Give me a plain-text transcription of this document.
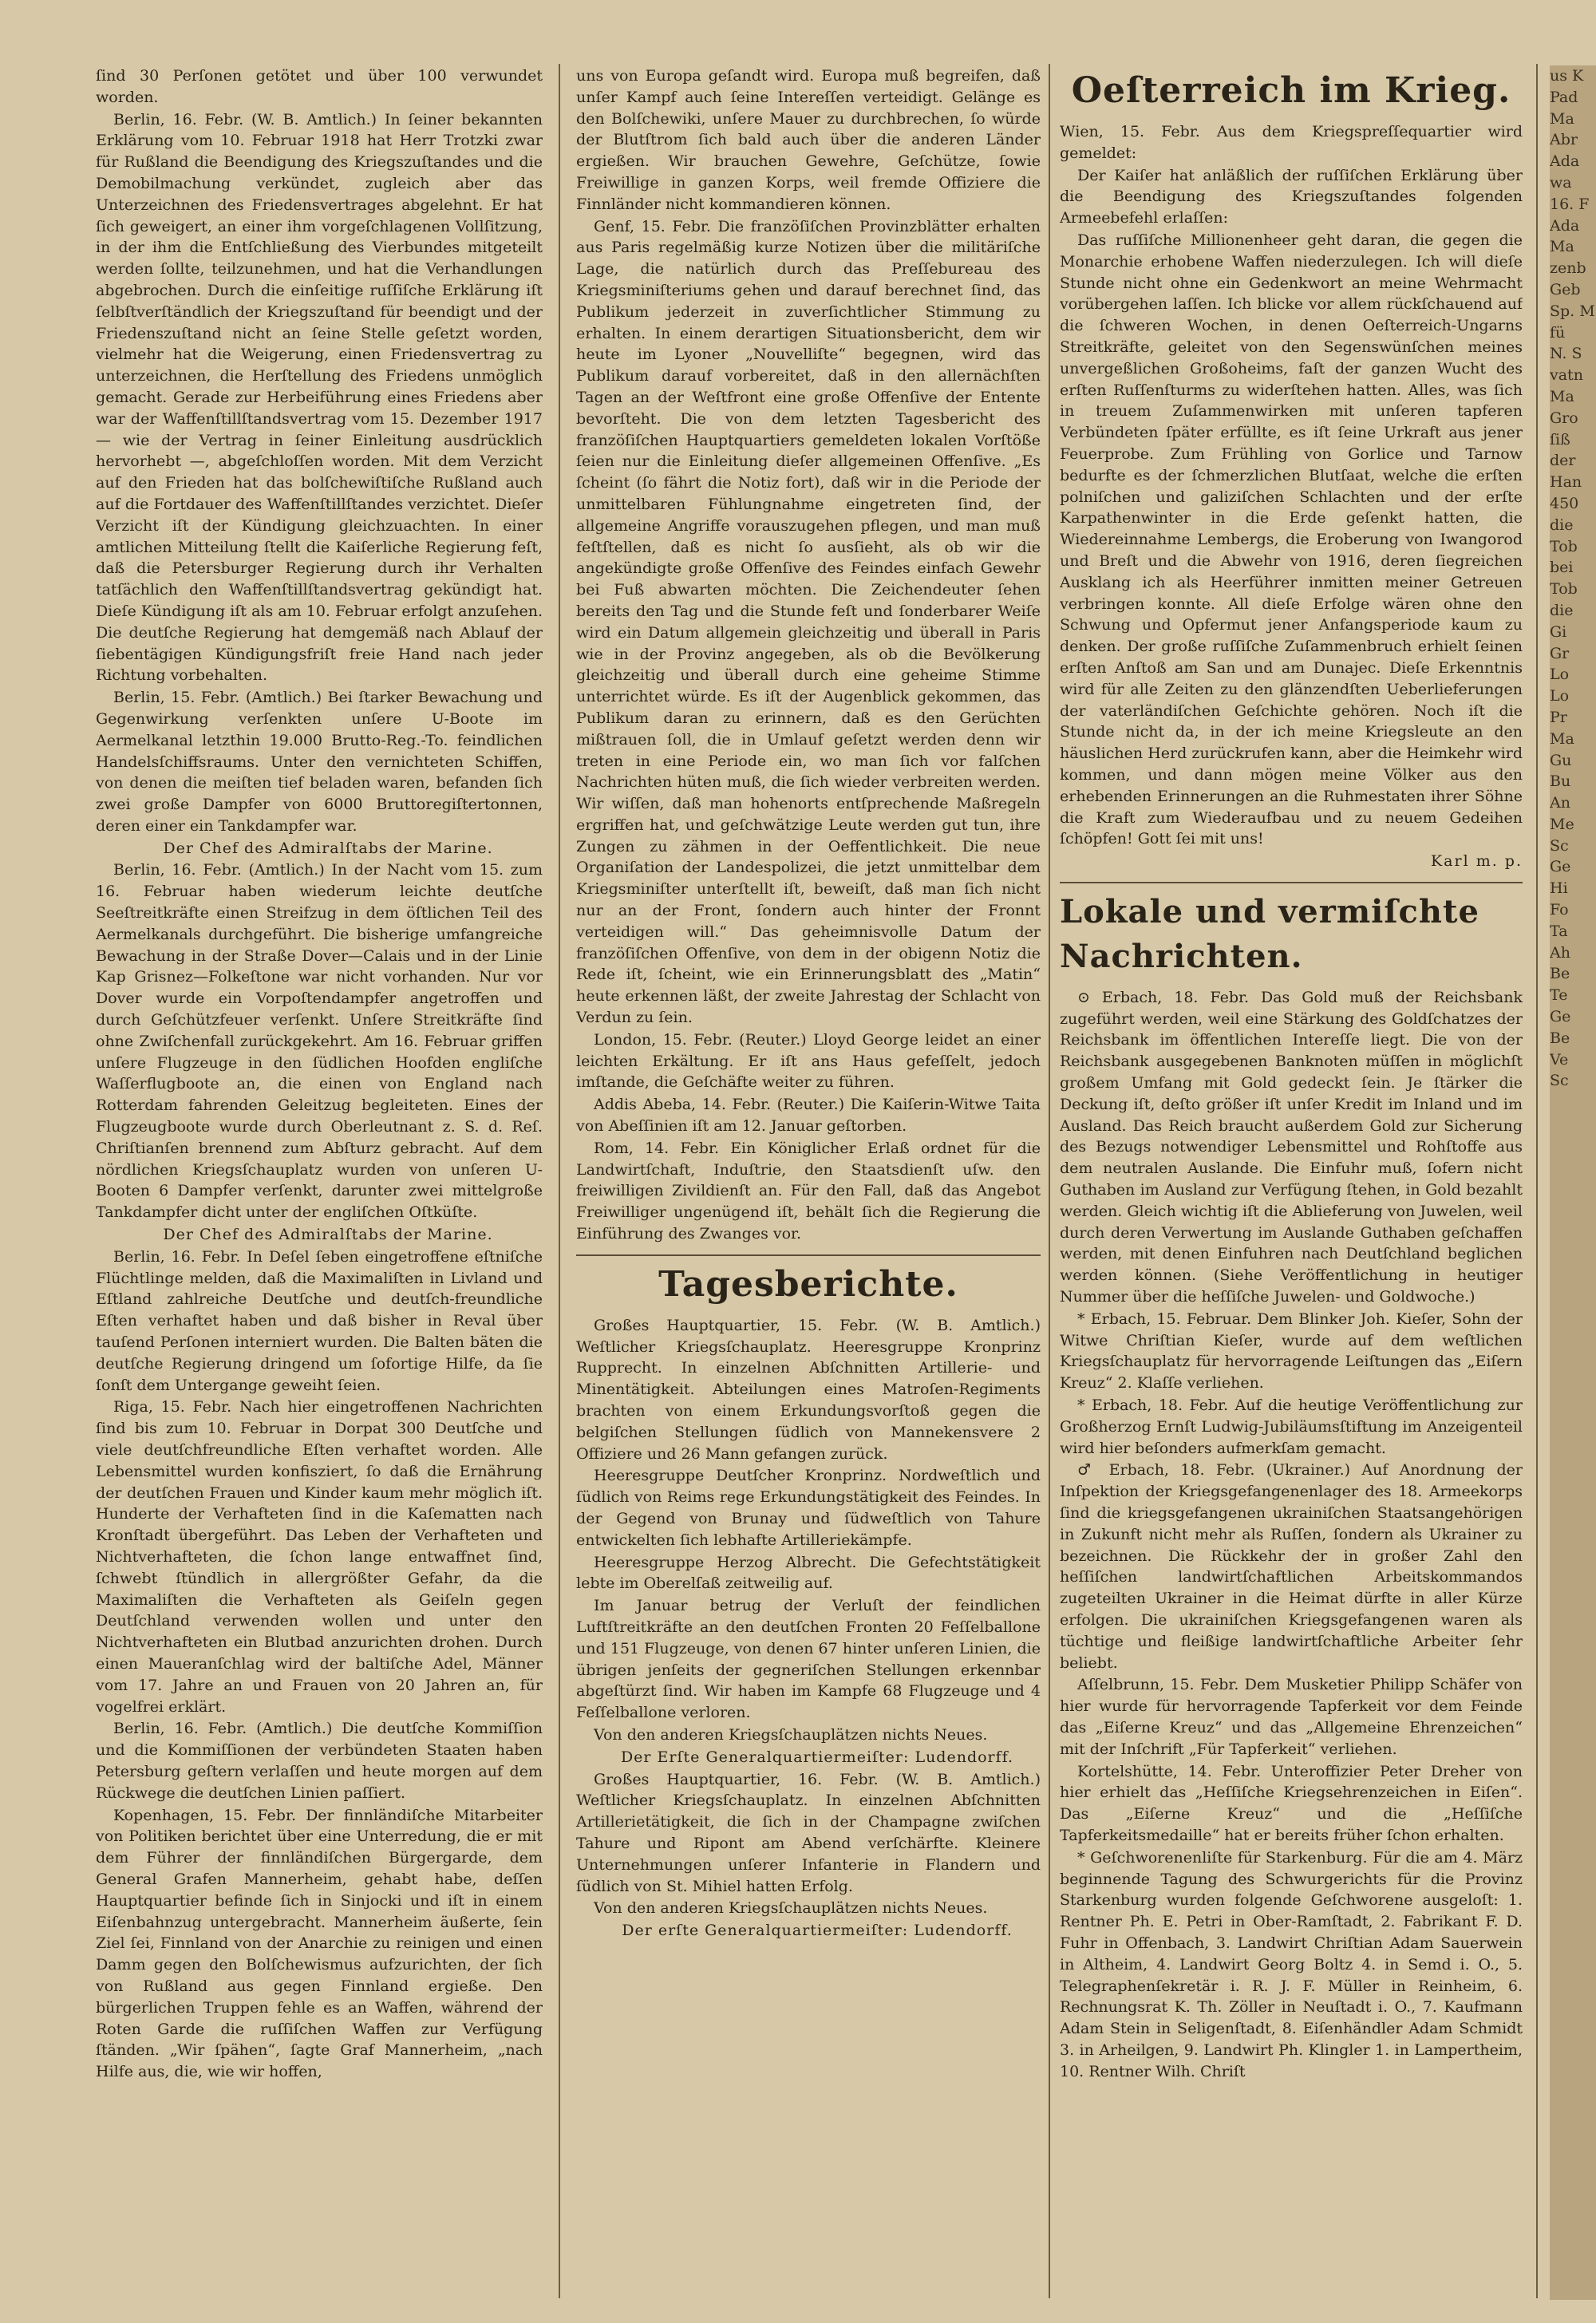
ſind 30 Perſonen getötet und über 100 verwundet worden.

Berlin, 16. Febr. (W. B. Amtlich.) In ſeiner bekannten Erklärung vom 10. Februar 1918 hat Herr Trotzki zwar für Rußland die Beendigung des Kriegszuſtandes und die Demobilmachung verkündet, zugleich aber das Unterzeichnen des Friedensvertrages abgelehnt. Er hat ſich geweigert, an einer ihm vorgeſchlagenen Vollſitzung, in der ihm die Entſchließung des Vierbundes mitgeteilt werden ſollte, teilzunehmen, und hat die Verhandlungen abgebrochen. Durch die einſeitige ruſſiſche Erklärung iſt ſelbſtverſtändlich der Kriegszuſtand für beendigt und der Friedenszuſtand nicht an ſeine Stelle geſetzt worden, vielmehr hat die Weigerung, einen Friedensvertrag zu unterzeichnen, die Herſtellung des Friedens unmöglich gemacht. Gerade zur Herbeiführung eines Friedens aber war der Waffenſtillſtandsvertrag vom 15. Dezember 1917 — wie der Vertrag in ſeiner Einleitung ausdrücklich hervorhebt —, abgeſchloſſen worden. Mit dem Verzicht auf den Frieden hat das bolſchewiſtiſche Rußland auch auf die Fortdauer des Waffenſtillſtandes verzichtet. Dieſer Verzicht iſt der Kündigung gleichzuachten. In einer amtlichen Mitteilung ſtellt die Kaiſerliche Regierung feſt, daß die Petersburger Regierung durch ihr Verhalten tatſächlich den Waffenſtillſtandsvertrag gekündigt hat. Dieſe Kündigung iſt als am 10. Februar erfolgt anzuſehen. Die deutſche Regierung hat demgemäß nach Ablauf der ſiebentägigen Kündigungsfriſt freie Hand nach jeder Richtung vorbehalten.

Berlin, 15. Febr. (Amtlich.) Bei ſtarker Bewachung und Gegenwirkung verſenkten unſere U-Boote im Aermelkanal letzthin 19.000 Brutto-Reg.-To. feindlichen Handelsſchiffsraums. Unter den vernichteten Schiffen, von denen die meiſten tief beladen waren, befanden ſich zwei große Dampfer von 6000 Bruttoregiſtertonnen, deren einer ein Tankdampfer war.

Der Chef des Admiralſtabs der Marine.

Berlin, 16. Febr. (Amtlich.) In der Nacht vom 15. zum 16. Februar haben wiederum leichte deutſche Seeſtreitkräfte einen Streifzug in dem öſtlichen Teil des Aermelkanals durchgeführt. Die bisherige umfangreiche Bewachung in der Straße Dover—Calais und in der Linie Kap Grisnez—Folkeſtone war nicht vorhanden. Nur vor Dover wurde ein Vorpoſtendampfer angetroffen und durch Geſchützfeuer verſenkt. Unſere Streitkräfte ſind ohne Zwiſchenfall zurückgekehrt. Am 16. Februar griffen unſere Flugzeuge in den ſüdlichen Hoofden engliſche Waſſerflugboote an, die einen von England nach Rotterdam fahrenden Geleitzug begleiteten. Eines der Flugzeugboote wurde durch Oberleutnant z. S. d. Reſ. Chriſtianſen brennend zum Abſturz gebracht. Auf dem nördlichen Kriegsſchauplatz wurden von unſeren U-Booten 6 Dampfer verſenkt, darunter zwei mittelgroße Tankdampfer dicht unter der engliſchen Oſtküſte.

Der Chef des Admiralſtabs der Marine.

Berlin, 16. Febr. In Deſel ſeben eingetroffene eſtniſche Flüchtlinge melden, daß die Maximaliſten in Livland und Eſtland zahlreiche Deutſche und deutſch-freundliche Eſten verhaftet haben und daß bisher in Reval über tauſend Perſonen interniert wurden. Die Balten bäten die deutſche Regierung dringend um ſofortige Hilfe, da ſie ſonſt dem Untergange geweiht ſeien.

Riga, 15. Febr. Nach hier eingetroffenen Nachrichten ſind bis zum 10. Februar in Dorpat 300 Deutſche und viele deutſchfreundliche Eſten verhaftet worden. Alle Lebensmittel wurden konfisziert, ſo daß die Ernährung der deutſchen Frauen und Kinder kaum mehr möglich iſt. Hunderte der Verhafteten ſind in die Kaſematten nach Kronſtadt übergeführt. Das Leben der Verhafteten und Nichtverhafteten, die ſchon lange entwaffnet ſind, ſchwebt ſtündlich in allergrößter Gefahr, da die Maximaliſten die Verhafteten als Geiſeln gegen Deutſchland verwenden wollen und unter den Nichtverhafteten ein Blutbad anzurichten drohen. Durch einen Maueranſchlag wird der baltiſche Adel, Männer vom 17. Jahre an und Frauen von 20 Jahren an, für vogelfrei erklärt.

Berlin, 16. Febr. (Amtlich.) Die deutſche Kommiſſion und die Kommiſſionen der verbündeten Staaten haben Petersburg geſtern verlaſſen und heute morgen auf dem Rückwege die deutſchen Linien paſſiert.

Kopenhagen, 15. Febr. Der finnländiſche Mitarbeiter von Politiken berichtet über eine Unterredung, die er mit dem Führer der finnländiſchen Bürgergarde, dem General Grafen Mannerheim, gehabt habe, deſſen Hauptquartier befinde ſich in Sinjocki und iſt in einem Eiſenbahnzug untergebracht. Mannerheim äußerte, ſein Ziel ſei, Finnland von der Anarchie zu reinigen und einen Damm gegen den Bolſchewismus aufzurichten, der ſich von Rußland aus gegen Finnland ergieße. Den bürgerlichen Truppen fehle es an Waffen, während der Roten Garde die ruſſiſchen Waffen zur Verfügung ſtänden. „Wir ſpähen“, ſagte Graf Mannerheim, „nach Hilfe aus, die, wie wir hoffen,

uns von Europa geſandt wird. Europa muß begreifen, daß unſer Kampf auch ſeine Intereſſen verteidigt. Gelänge es den Bolſchewiki, unſere Mauer zu durchbrechen, ſo würde der Blutſtrom ſich bald auch über die anderen Länder ergießen. Wir brauchen Gewehre, Geſchütze, ſowie Freiwillige in ganzen Korps, weil fremde Offiziere die Finnländer nicht kommandieren können.

Genf, 15. Febr. Die franzöſiſchen Provinzblätter erhalten aus Paris regelmäßig kurze Notizen über die militäriſche Lage, die natürlich durch das Preſſebureau des Kriegsminiſteriums gehen und darauf berechnet ſind, das Publikum jederzeit in zuverſichtlicher Stimmung zu erhalten. In einem derartigen Situationsbericht, dem wir heute im Lyoner „Nouvelliſte“ begegnen, wird das Publikum darauf vorbereitet, daß in den allernächſten Tagen an der Weſtfront eine große Offenſive der Entente bevorſteht. Die von dem letzten Tagesbericht des franzöſiſchen Hauptquartiers gemeldeten lokalen Vorſtöße ſeien nur die Einleitung dieſer allgemeinen Offenſive. „Es ſcheint (ſo fährt die Notiz fort), daß wir in die Periode der unmittelbaren Fühlungnahme eingetreten ſind, der allgemeine Angriffe vorauszugehen pflegen, und man muß feſtſtellen, daß es nicht ſo ausſieht, als ob wir die angekündigte große Offenſive des Feindes einfach Gewehr bei Fuß abwarten möchten. Die Zeichendeuter ſehen bereits den Tag und die Stunde feſt und ſonderbarer Weiſe wird ein Datum allgemein gleichzeitig und überall in Paris wie in der Provinz angegeben, als ob die Bevölkerung gleichzeitig und überall durch eine geheime Stimme unterrichtet würde. Es iſt der Augenblick gekommen, das Publikum daran zu erinnern, daß es den Gerüchten mißtrauen ſoll, die in Umlauf geſetzt werden denn wir treten in eine Periode ein, wo man ſich vor falſchen Nachrichten hüten muß, die ſich wieder verbreiten werden. Wir wiſſen, daß man hohenorts entſprechende Maßregeln ergriffen hat, und geſchwätzige Leute werden gut tun, ihre Zungen zu zähmen in der Oeffentlichkeit. Die neue Organiſation der Landespolizei, die jetzt unmittelbar dem Kriegsminiſter unterſtellt iſt, beweiſt, daß man ſich nicht nur an der Front, ſondern auch hinter der Fronnt verteidigen will.“ Das geheimnisvolle Datum der franzöſiſchen Offenſive, von dem in der obigenn Notiz die Rede iſt, ſcheint, wie ein Erinnerungsblatt des „Matin“ heute erkennen läßt, der zweite Jahrestag der Schlacht von Verdun zu ſein.

London, 15. Febr. (Reuter.) Lloyd George leidet an einer leichten Erkältung. Er iſt ans Haus gefeſſelt, jedoch imſtande, die Geſchäfte weiter zu führen.

Addis Abeba, 14. Febr. (Reuter.) Die Kaiſerin-Witwe Taita von Abeſſinien iſt am 12. Januar geſtorben.

Rom, 14. Febr. Ein Königlicher Erlaß ordnet für die Landwirtſchaft, Induſtrie, den Staatsdienſt uſw. den freiwilligen Zivildienſt an. Für den Fall, daß das Angebot Freiwilliger ungenügend iſt, behält ſich die Regierung die Einführung des Zwanges vor.

Tagesberichte.

Großes Hauptquartier, 15. Febr. (W. B. Amtlich.) Weſtlicher Kriegsſchauplatz. Heeresgruppe Kronprinz Rupprecht. In einzelnen Abſchnitten Artillerie- und Minentätigkeit. Abteilungen eines Matroſen-Regiments brachten von einem Erkundungsvorſtoß gegen die belgiſchen Stellungen ſüdlich von Mannekensvere 2 Offiziere und 26 Mann gefangen zurück.

Heeresgruppe Deutſcher Kronprinz. Nordweſtlich und ſüdlich von Reims rege Erkundungstätigkeit des Feindes. In der Gegend von Brunay und ſüdweſtlich von Tahure entwickelten ſich lebhafte Artilleriekämpfe.

Heeresgruppe Herzog Albrecht. Die Gefechtstätigkeit lebte im Oberelſaß zeitweilig auf.

Im Januar betrug der Verluſt der feindlichen Luftſtreitkräfte an den deutſchen Fronten 20 Feſſelballone und 151 Flugzeuge, von denen 67 hinter unſeren Linien, die übrigen jenſeits der gegneriſchen Stellungen erkennbar abgeſtürzt ſind. Wir haben im Kampfe 68 Flugzeuge und 4 Feſſelballone verloren.

Von den anderen Kriegsſchauplätzen nichts Neues.

Der Erſte Generalquartiermeiſter: Ludendorff.

Großes Hauptquartier, 16. Febr. (W. B. Amtlich.) Weſtlicher Kriegsſchauplatz. In einzelnen Abſchnitten Artillerietätigkeit, die ſich in der Champagne zwiſchen Tahure und Ripont am Abend verſchärfte. Kleinere Unternehmungen unſerer Infanterie in Flandern und ſüdlich von St. Mihiel hatten Erfolg.

Von den anderen Kriegsſchauplätzen nichts Neues.

Der erſte Generalquartiermeiſter: Ludendorff.

Oeſterreich im Krieg.

Wien, 15. Febr. Aus dem Kriegspreſſequartier wird gemeldet:

Der Kaiſer hat anläßlich der ruſſiſchen Erklärung über die Beendigung des Kriegszuſtandes folgenden Armeebefehl erlaſſen:

Das ruſſiſche Millionenheer geht daran, die gegen die Monarchie erhobene Waffen niederzulegen. Ich will dieſe Stunde nicht ohne ein Gedenkwort an meine Wehrmacht vorübergehen laſſen. Ich blicke vor allem rückſchauend auf die ſchweren Wochen, in denen Oeſterreich-Ungarns Streitkräfte, geleitet von den Segenswünſchen meines unvergeßlichen Großoheims, faſt der ganzen Wucht des erſten Ruſſenſturms zu widerſtehen hatten. Alles, was ſich in treuem Zuſammenwirken mit unſeren tapferen Verbündeten ſpäter erfüllte, es iſt ſeine Urkraft aus jener Feuerprobe. Zum Frühling von Gorlice und Tarnow bedurfte es der ſchmerzlichen Blutſaat, welche die erſten polniſchen und galiziſchen Schlachten und der erſte Karpathenwinter in die Erde geſenkt hatten, die Wiedereinnahme Lembergs, die Eroberung von Iwangorod und Breſt und die Abwehr von 1916, deren ſiegreichen Ausklang ich als Heerführer inmitten meiner Getreuen verbringen konnte. All dieſe Erfolge wären ohne den Schwung und Opfermut jener Anfangsperiode kaum zu denken. Der große ruſſiſche Zuſammenbruch erhielt ſeinen erſten Anſtoß am San und am Dunajec. Dieſe Erkenntnis wird für alle Zeiten zu den glänzendſten Ueberlieferungen der vaterländiſchen Geſchichte gehören. Noch iſt die Stunde nicht da, in der ich meine Kriegsleute an den häuslichen Herd zurückrufen kann, aber die Heimkehr wird kommen, und dann mögen meine Völker aus den erhebenden Erinnerungen an die Ruhmestaten ihrer Söhne die Kraft zum Wiederaufbau und zu neuem Gedeihen ſchöpfen! Gott ſei mit uns!

Karl m. p.

Lokale und vermiſchte Nachrichten.

⊙ Erbach, 18. Febr. Das Gold muß der Reichsbank zugeführt werden, weil eine Stärkung des Goldſchatzes der Reichsbank im öffentlichen Intereſſe liegt. Die von der Reichsbank ausgegebenen Banknoten müſſen in möglichſt großem Umfang mit Gold gedeckt ſein. Je ſtärker die Deckung iſt, deſto größer iſt unſer Kredit im Inland und im Ausland. Das Reich braucht außerdem Gold zur Sicherung des Bezugs notwendiger Lebensmittel und Rohſtoffe aus dem neutralen Auslande. Die Einfuhr muß, ſofern nicht Guthaben im Ausland zur Verfügung ſtehen, in Gold bezahlt werden. Gleich wichtig iſt die Ablieferung von Juwelen, weil durch deren Verwertung im Auslande Guthaben geſchaffen werden, mit denen Einfuhren nach Deutſchland beglichen werden können. (Siehe Veröffentlichung in heutiger Nummer über die heſſiſche Juwelen- und Goldwoche.)

* Erbach, 15. Februar. Dem Blinker Joh. Kieſer, Sohn der Witwe Chriſtian Kieſer, wurde auf dem weſtlichen Kriegsſchauplatz für hervorragende Leiſtungen das „Eiſern Kreuz“ 2. Klaſſe verliehen.

* Erbach, 18. Febr. Auf die heutige Veröffentlichung zur Großherzog Ernſt Ludwig-Jubiläumsſtiftung im Anzeigenteil wird hier beſonders aufmerkſam gemacht.

♂ Erbach, 18. Febr. (Ukrainer.) Auf Anordnung der Inſpektion der Kriegsgefangenenlager des 18. Armeekorps ſind die kriegsgefangenen ukrainiſchen Staatsangehörigen in Zukunft nicht mehr als Ruſſen, ſondern als Ukrainer zu bezeichnen. Die Rückkehr der in großer Zahl den heſſiſchen landwirtſchaftlichen Arbeitskommandos zugeteilten Ukrainer in die Heimat dürfte in aller Kürze erfolgen. Die ukrainiſchen Kriegsgefangenen waren als tüchtige und fleißige landwirtſchaftliche Arbeiter ſehr beliebt.

Aſſelbrunn, 15. Febr. Dem Musketier Philipp Schäfer von hier wurde für hervorragende Tapferkeit vor dem Feinde das „Eiſerne Kreuz“ und das „Allgemeine Ehrenzeichen“ mit der Inſchrift „Für Tapferkeit“ verliehen.

Kortelshütte, 14. Febr. Unteroffizier Peter Dreher von hier erhielt das „Heſſiſche Kriegsehrenzeichen in Eiſen“. Das „Eiſerne Kreuz“ und die „Heſſiſche Tapferkeitsmedaille“ hat er bereits früher ſchon erhalten.

* Geſchworenenliſte für Starkenburg. Für die am 4. März beginnende Tagung des Schwurgerichts für die Provinz Starkenburg wurden folgende Geſchworene ausgeloſt: 1. Rentner Ph. E. Petri in Ober-Ramſtadt, 2. Fabrikant F. D. Fuhr in Offenbach, 3. Landwirt Chriſtian Adam Sauerwein in Altheim, 4. Landwirt Georg Boltz 4. in Semd i. O., 5. Telegraphenſekretär i. R. J. F. Müller in Reinheim, 6. Rechnungsrat K. Th. Zöller in Neuſtadt i. O., 7. Kaufmann Adam Stein in Seligenſtadt, 8. Eiſenhändler Adam Schmidt 3. in Arheilgen, 9. Landwirt Ph. Klingler 1. in Lampertheim, 10. Rentner Wilh. Chriſt

us K
Pad
Ma
Abr
Ada
wa
16. F
Ada
Ma
zenb
Geb
Sp. M
fü
N. S
vatn
Ma
Gro
ſiß
der
Han
450
die
Tob
bei
Tob
die
Gi
Gr
Lo
Lo
Pr
Ma
Gu
Bu
An
Me
Sc
Ge
Hi
Fo
Ta
Ah
Be
Te
Ge
Be
Ve
Sc
